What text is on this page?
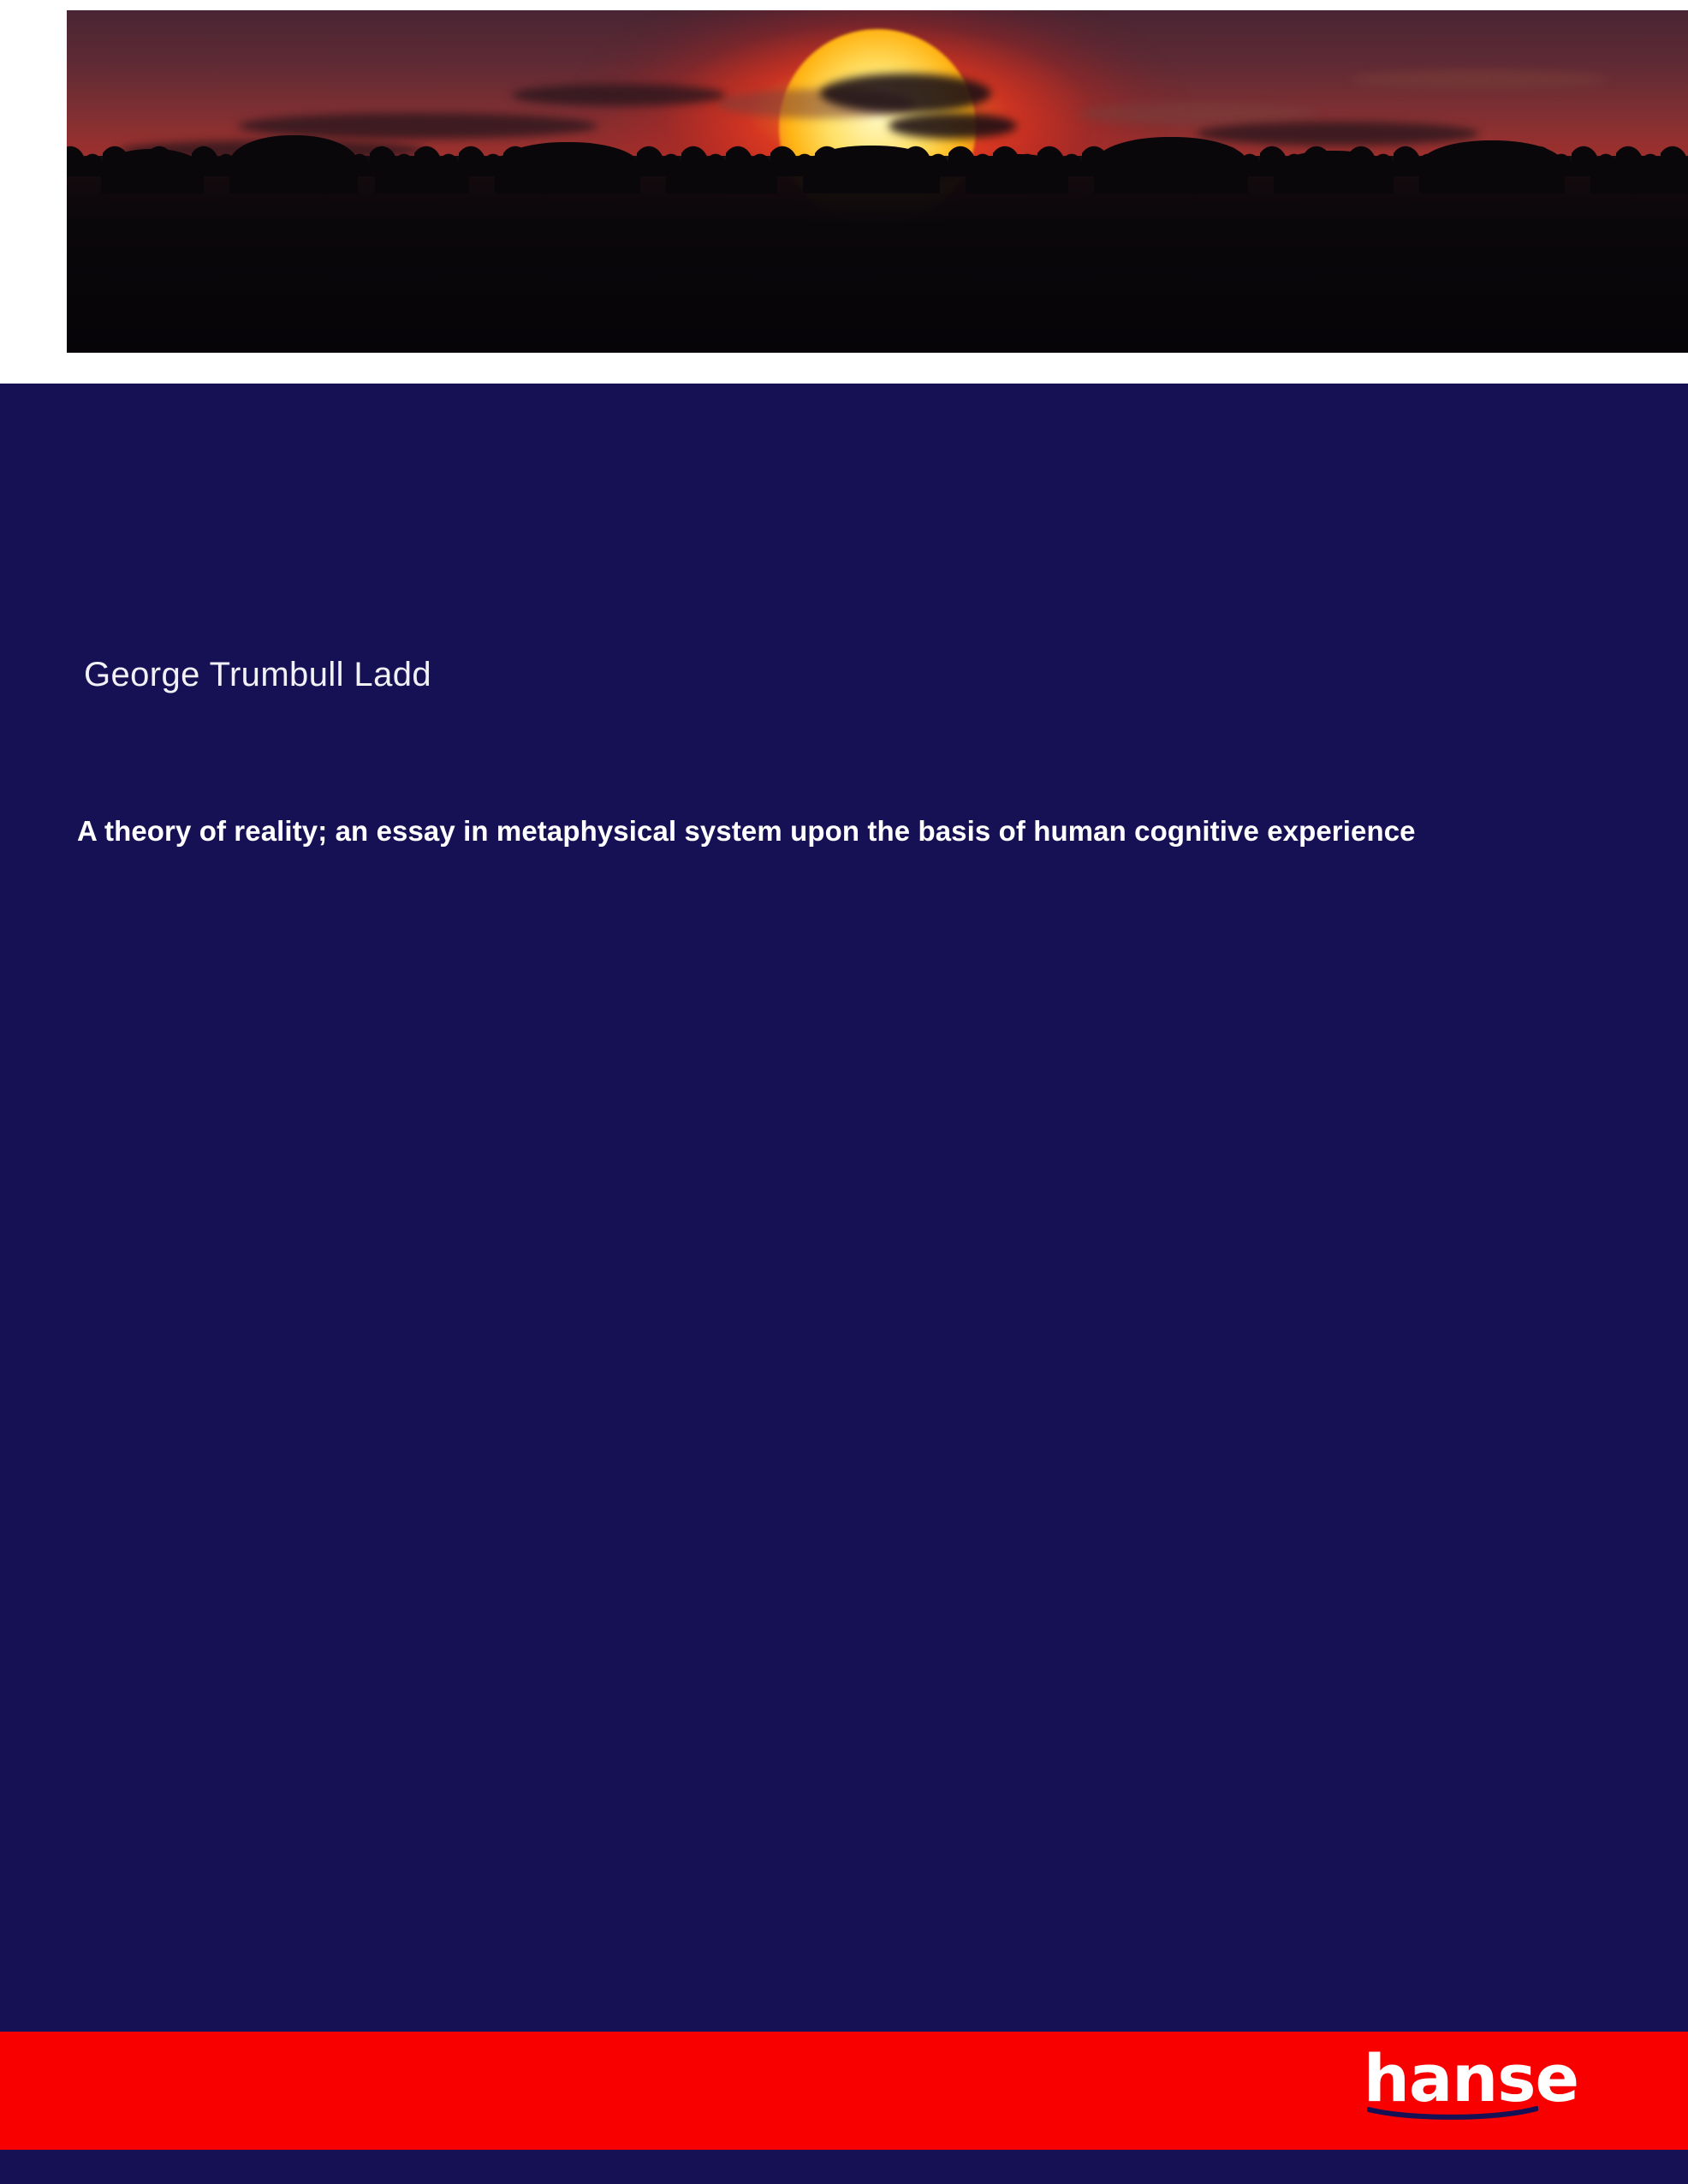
George Trumbull Ladd
A theory of reality; an essay in metaphysical system upon the basis of human cognitive experience
hanse
